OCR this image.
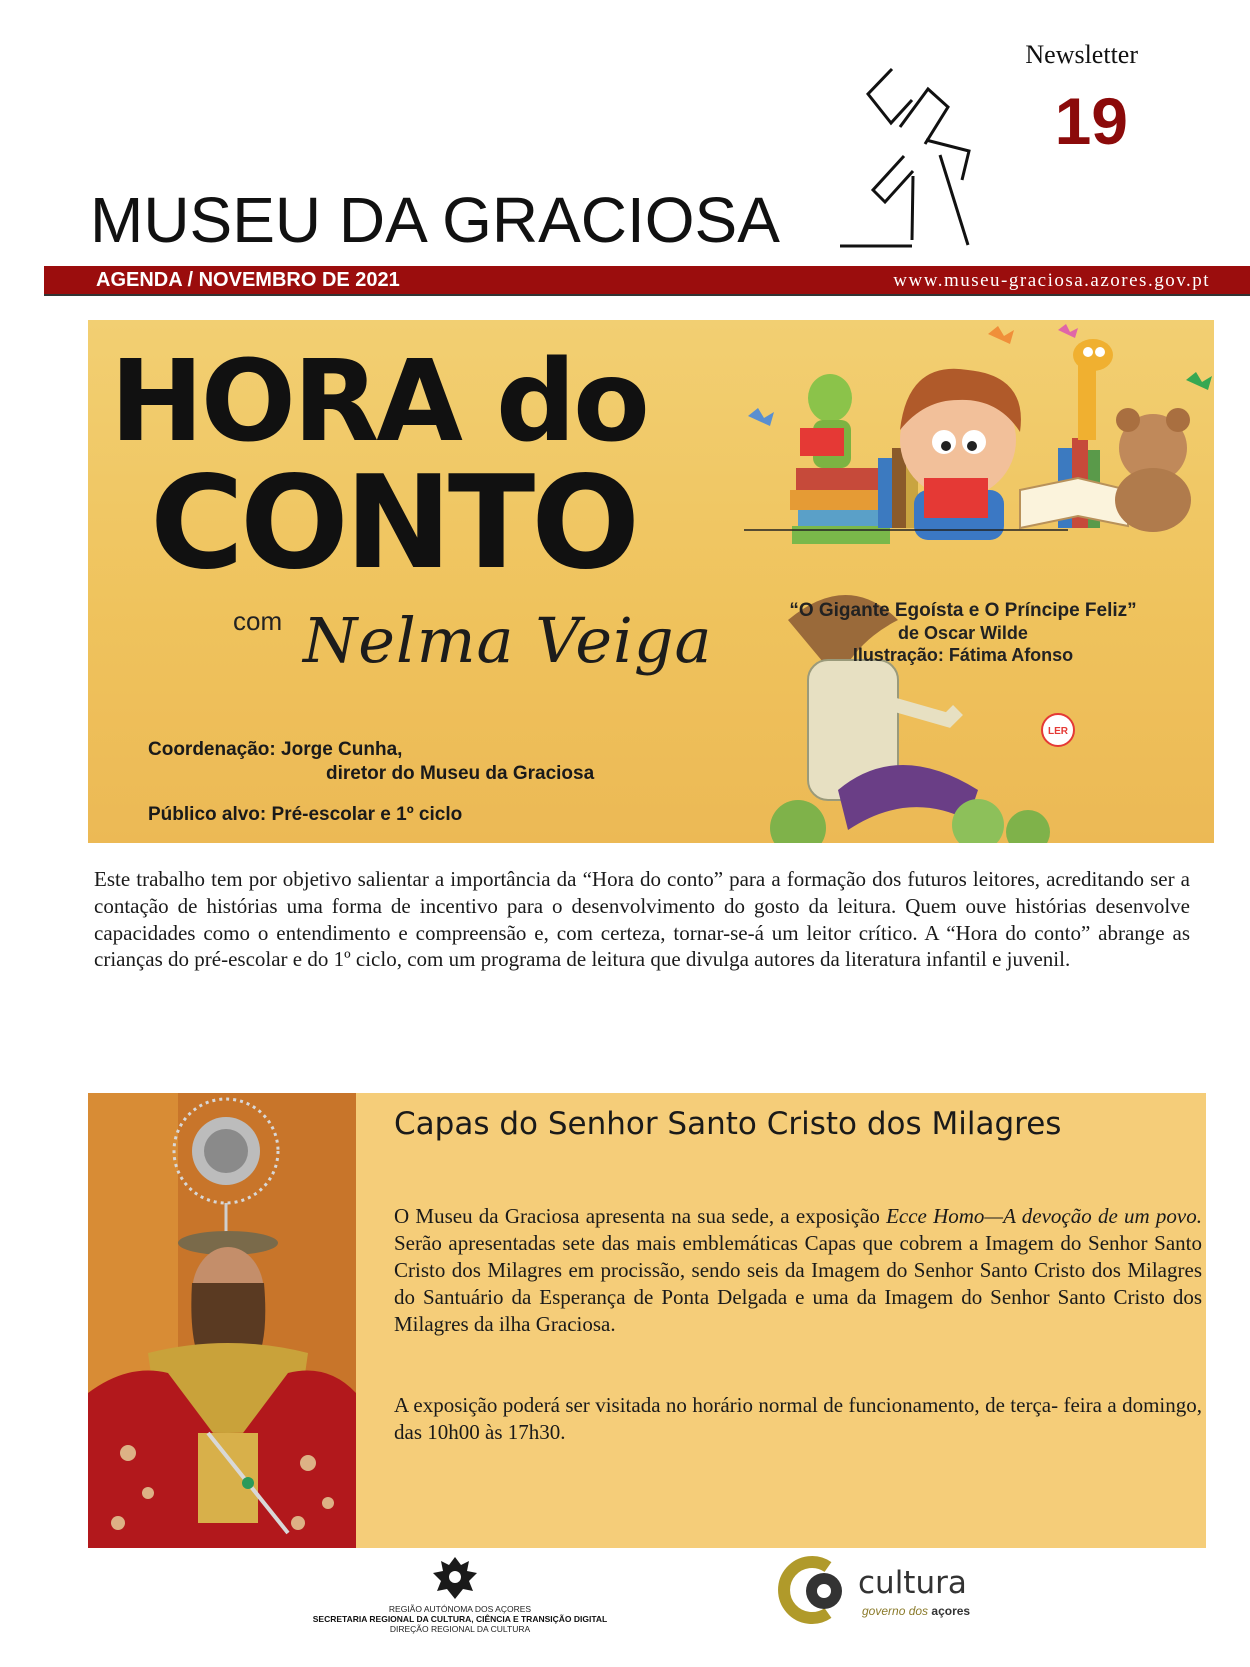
Newsletter
19
MUSEU DA GRACIOSA
AGENDA / NOVEMBRO DE 2021	www.museu-graciosa.azores.gov.pt
LER
HORA do
CONTO
com Nelma Veiga	“O Gigante Egoísta e O Príncipe Feliz”
de Oscar Wilde
Ilustração: Fátima Afonso
Coordenação: Jorge Cunha,
diretor do Museu da Graciosa
Público alvo: Pré-escolar e 1º ciclo
Este trabalho tem por objetivo salientar a importância da “Hora do conto” para a formação dos futuros leitores, acreditando ser a contação de histórias uma forma de incentivo para o desenvolvimento do gosto da leitura. Quem ouve histórias desenvolve capacidades como o entendimento e compreensão e, com certeza, tornar-se-á um leitor crítico. A “Hora do conto” abrange as crianças do pré-escolar e do 1º ciclo, com um programa de leitura que divulga autores da literatura infantil e juvenil.
Capas do Senhor Santo Cristo dos Milagres
O Museu da Graciosa apresenta na sua sede, a exposição Ecce Homo—A devoção de um povo. Serão apresentadas sete das mais emblemáticas Capas que cobrem a Imagem do Senhor Santo Cristo dos Milagres em procissão, sendo seis da Imagem do Senhor Santo Cristo dos Milagres do Santuário da Esperança de Ponta Delgada e uma da Imagem do Senhor Santo Cristo dos Milagres da ilha Graciosa.
A exposição poderá ser visitada no horário normal de funcionamento, de terça- feira a domingo, das 10h00 às 17h30.
REGIÃO AUTÓNOMA DOS AÇORES
SECRETARIA REGIONAL DA CULTURA, CIÊNCIA E TRANSIÇÃO DIGITAL
DIREÇÃO REGIONAL DA CULTURA
cultura
governo dos açores
